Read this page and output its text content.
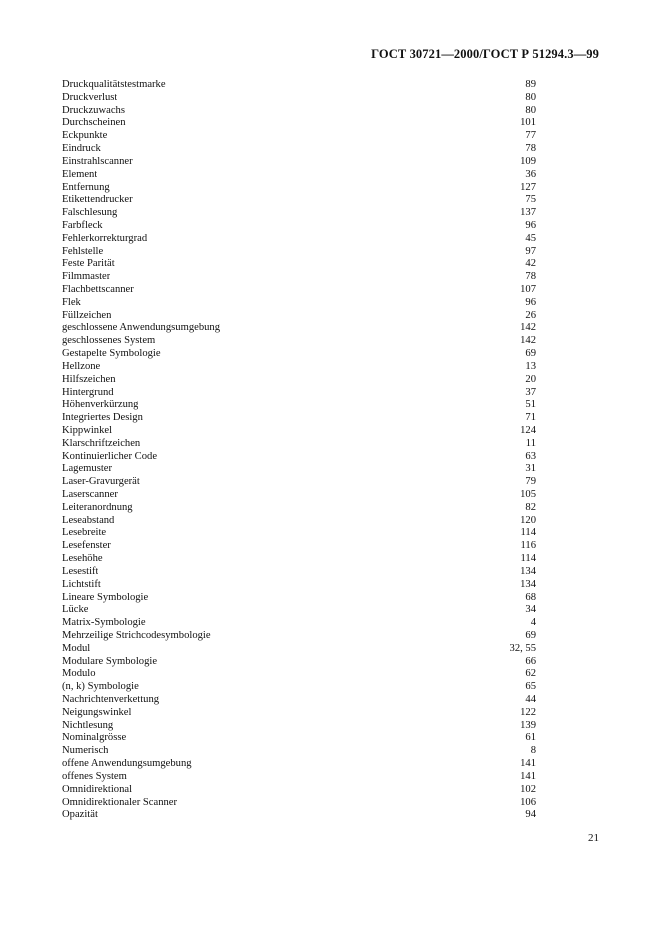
ГОСТ 30721—2000/ГОСТ Р 51294.3—99
Druckqualitätstestmarke	89
Druckverlust	80
Druckzuwachs	80
Durchscheinen	101
Eckpunkte	77
Eindruck	78
Einstrahlscanner	109
Element	36
Entfernung	127
Etikettendrucker	75
Falschlesung	137
Farbfleck	96
Fehlerkorrekturgrad	45
Fehlstelle	97
Feste Parität	42
Filmmaster	78
Flachbettscanner	107
Flek	96
Füllzeichen	26
geschlossene Anwendungsumgebung	142
geschlossenes System	142
Gestapelte Symbologie	69
Hellzone	13
Hilfszeichen	20
Hintergrund	37
Höhenverkürzung	51
Integriertes Design	71
Kippwinkel	124
Klarschriftzeichen	11
Kontinuierlicher Code	63
Lagemuster	31
Laser-Gravurgerät	79
Laserscanner	105
Leiteranordnung	82
Leseabstand	120
Lesebreite	114
Lesefenster	116
Lesehöhe	114
Lesestift	134
Lichtstift	134
Lineare Symbologie	68
Lücke	34
Matrix-Symbologie	4
Mehrzeilige Strichcodesymbologie	69
Modul	32, 55
Modulare Symbologie	66
Modulo	62
(n, k) Symbologie	65
Nachrichtenverkettung	44
Neigungswinkel	122
Nichtlesung	139
Nominalgrösse	61
Numerisch	8
offene Anwendungsumgebung	141
offenes System	141
Omnidirektional	102
Omnidirektionaler Scanner	106
Opazität	94
21
